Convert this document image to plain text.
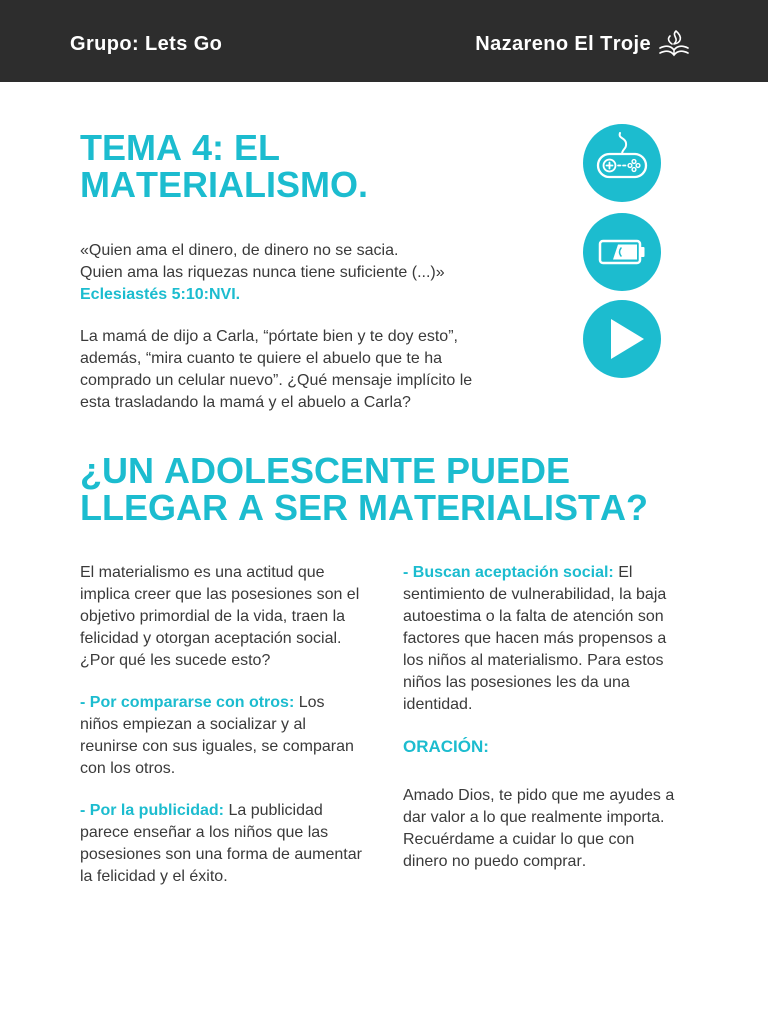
Grupo: Lets Go	Nazareno El Troje
TEMA 4: EL
MATERIALISMO.
«Quien ama el dinero, de dinero no se sacia.
Quien ama las riquezas nunca tiene suficiente (...)»
Eclesiastés 5:10:NVI.

La mamá de dijo a Carla, “pórtate bien y te doy esto”, además, “mira cuanto te quiere el abuelo que te ha comprado un celular nuevo”. ¿Qué mensaje implícito le esta trasladando la mamá y el abuelo a Carla?

¿UN ADOLESCENTE PUEDE
LLEGAR A SER MATERIALISTA?

El materialismo es una actitud que implica creer que las posesiones son el objetivo primordial de la vida, traen la felicidad y otorgan aceptación social. ¿Por qué les sucede esto?

- Por compararse con otros: Los niños empiezan a socializar y al reunirse con sus iguales, se comparan con los otros.

- Por la publicidad: La publicidad parece enseñar a los niños que las posesiones son una forma de aumentar la felicidad y el éxito.

- Buscan aceptación social: El sentimiento de vulnerabilidad, la baja autoestima o la falta de atención son factores que hacen más propensos a los niños al materialismo. Para estos niños las posesiones les da una identidad.

ORACIÓN:

Amado Dios, te pido que me ayudes a dar valor a lo que realmente importa. Recuérdame a cuidar lo que con dinero no puedo comprar.
